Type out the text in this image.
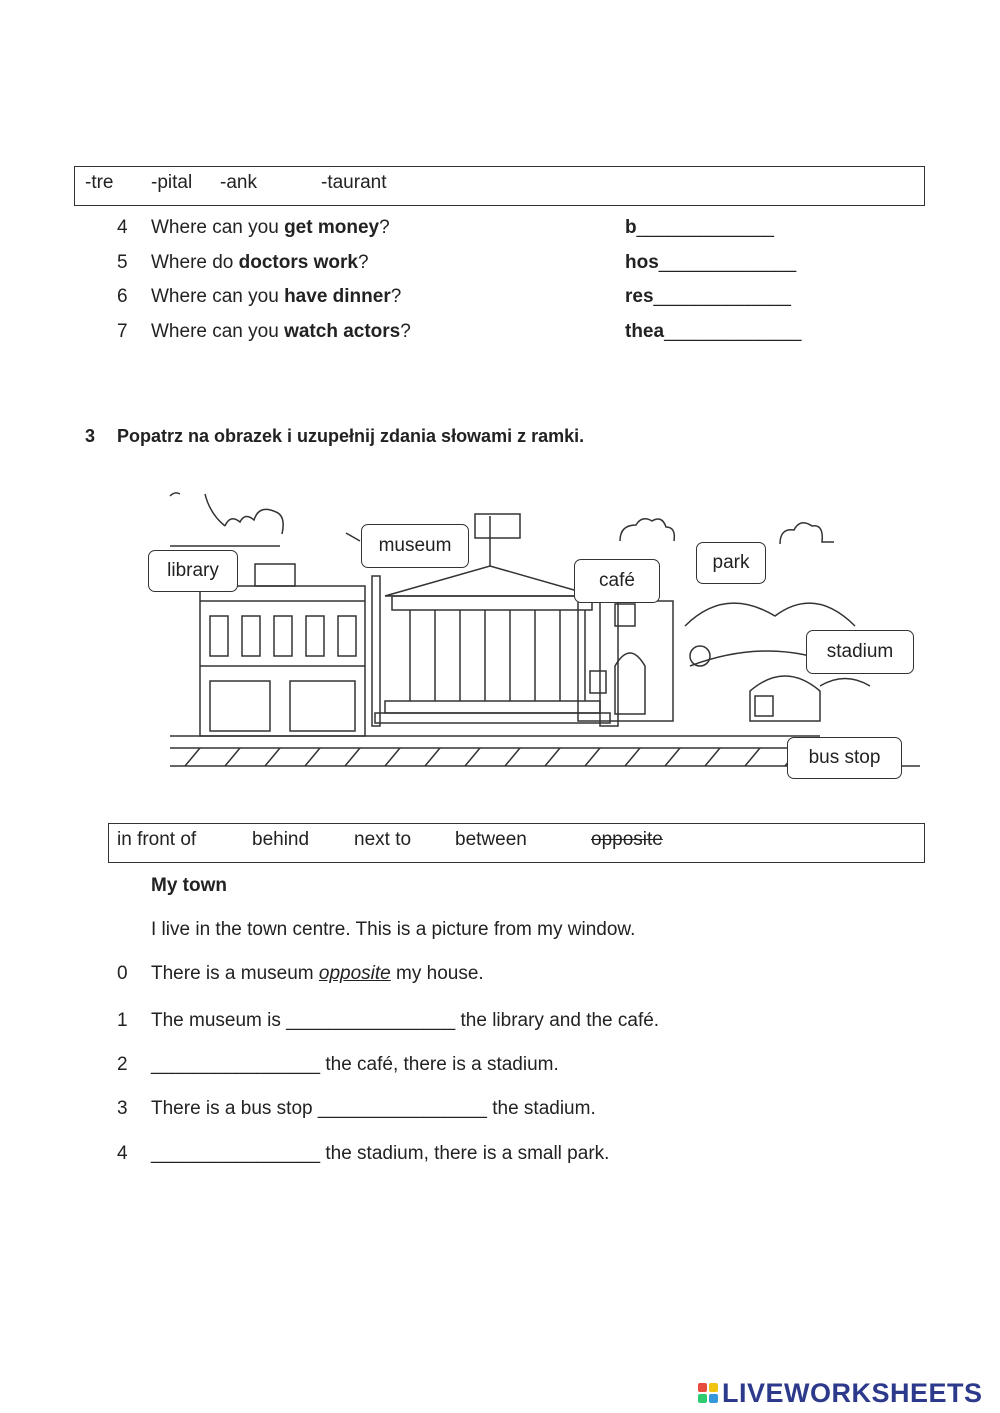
-tre -pital -ank	-taurant
4 Where can you get money?	b_____________
5 Where do doctors work?	hos_____________
6 Where can you have dinner?	res_____________
7 Where can you watch actors?	thea_____________
3 Popatrz na obrazek i uzupełnij zdania słowami z ramki.
library
museum
café
park
stadium
bus stop
in front of	behind next to between	opposite
My town
I live in the town centre. This is a picture from my window.
0 There is a museum opposite my house.
1 The museum is ________________ the library and the café.
2 ________________ the café, there is a stadium.
3 There is a bus stop ________________ the stadium.
4 ________________ the stadium, there is a small park.
LIVEWORKSHEETS
